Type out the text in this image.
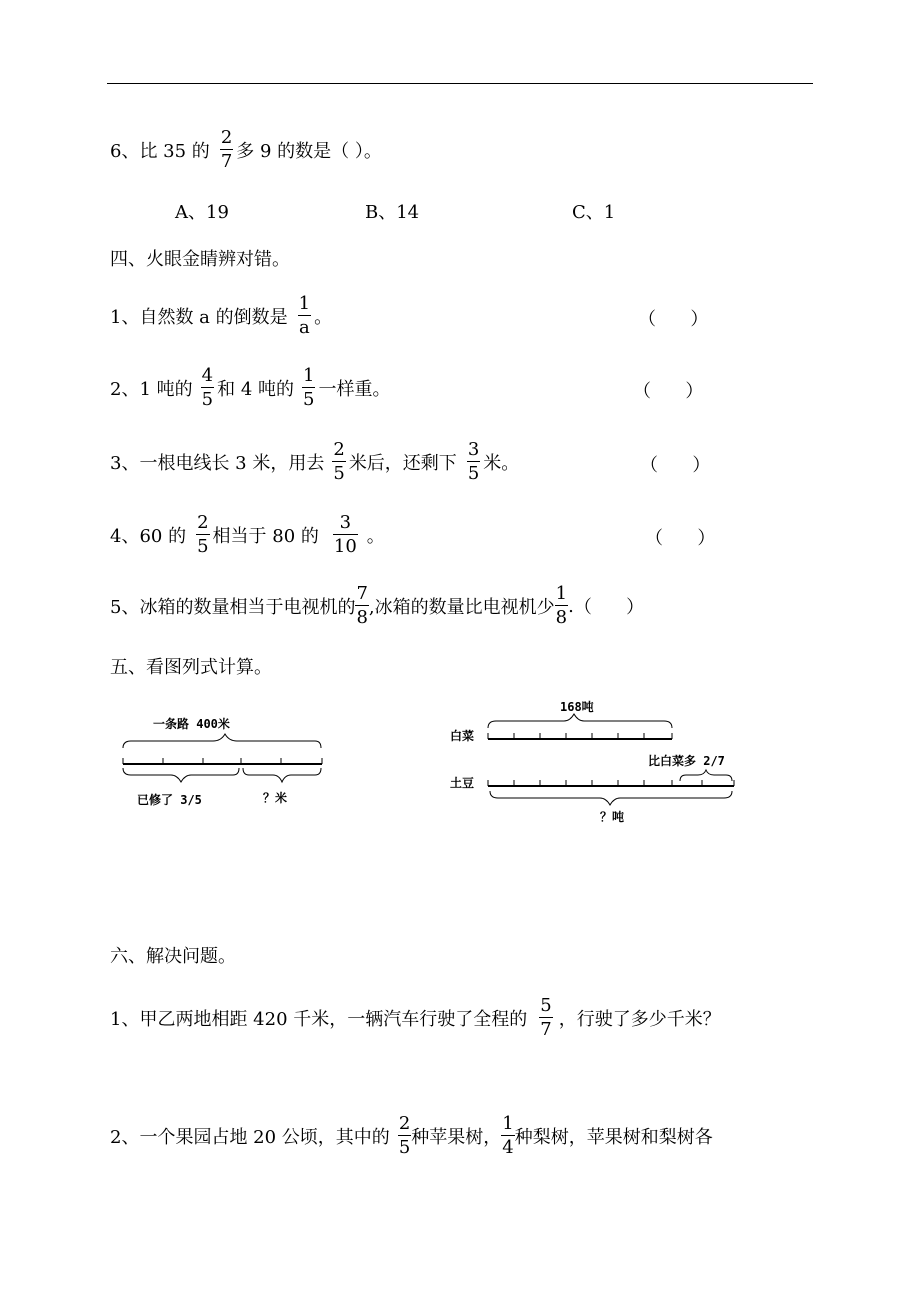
6、比 35 的 $\frac{2}{7}$ 多 9 的数是（ ）。
A、19	B、14	C、1
四、火眼金睛辨对错。
1、自然数 a 的倒数是 $\frac{1}{a}$ 。	（      ）
2、1 吨的 $\frac{4}{5}$ 和 4 吨的 $\frac{1}{5}$ 一样重。	（      ）
3、一根电线长 3 米，用去 $\frac{2}{5}$ 米后，还剩下 $\frac{3}{5}$ 米。	（      ）
4、60 的 $\frac{2}{5}$ 相当于 80 的 $\frac{3}{10}$ 。	（      ）
5、冰箱的数量相当于电视机的 $\frac{7}{8}$ ,冰箱的数量比电视机少 $\frac{1}{8}$ . （      ）
五、看图列式计算。
一条路 400米
已修了 3/5	？米
168吨
白菜
比白菜多 2/7
土豆
？吨
六、解决问题。
1、甲乙两地相距 420 千米，一辆汽车行驶了全程的 $\frac{5}{7}$ ，行驶了多少千米？
2、一个果园占地 20 公顷，其中的 $\frac{2}{5}$ 种苹果树， $\frac{1}{4}$ 种梨树，苹果树和梨树各
